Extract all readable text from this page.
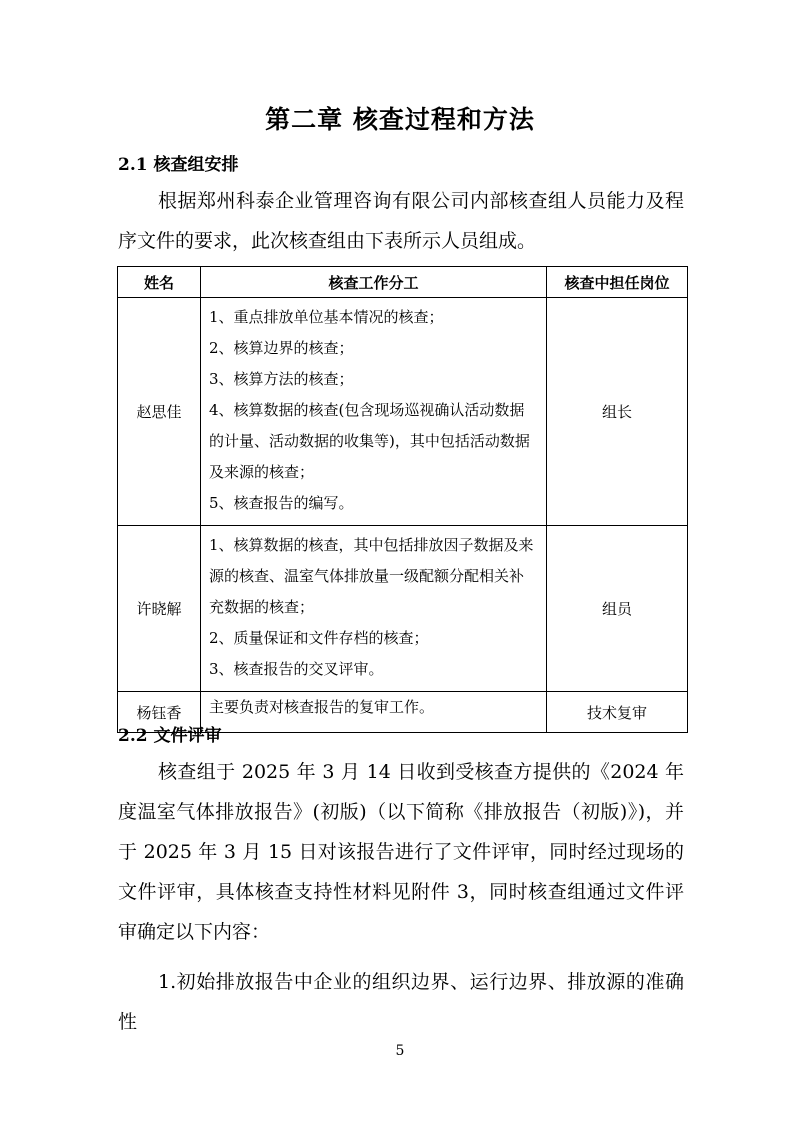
第二章 核查过程和方法
2.1 核查组安排

根据郑州科泰企业管理咨询有限公司内部核查组人员能力及程序文件的要求，此次核查组由下表所示人员组成。

姓名	核查工作分工	核查中担任岗位
赵思佳	1、重点排放单位基本情况的核查；
2、核算边界的核查；
3、核算方法的核查；
4、核算数据的核查(包含现场巡视确认活动数据的计量、活动数据的收集等)，其中包括活动数据及来源的核查；
5、核查报告的编写。	组长
许晓解	1、核算数据的核查，其中包括排放因子数据及来源的核查、温室气体排放量一级配额分配相关补充数据的核查；
2、质量保证和文件存档的核查；
3、核查报告的交叉评审。	组员
杨钰香	主要负责对核查报告的复审工作。	技术复审
2.2 文件评审

核查组于 2025 年 3 月 14 日收到受核查方提供的《2024 年度温室气体排放报告》(初版)（以下简称《排放报告（初版)》)，并于 2025 年 3 月 15 日对该报告进行了文件评审，同时经过现场的文件评审，具体核查支持性材料见附件 3，同时核查组通过文件评审确定以下内容：

1.初始排放报告中企业的组织边界、运行边界、排放源的准确性

5
